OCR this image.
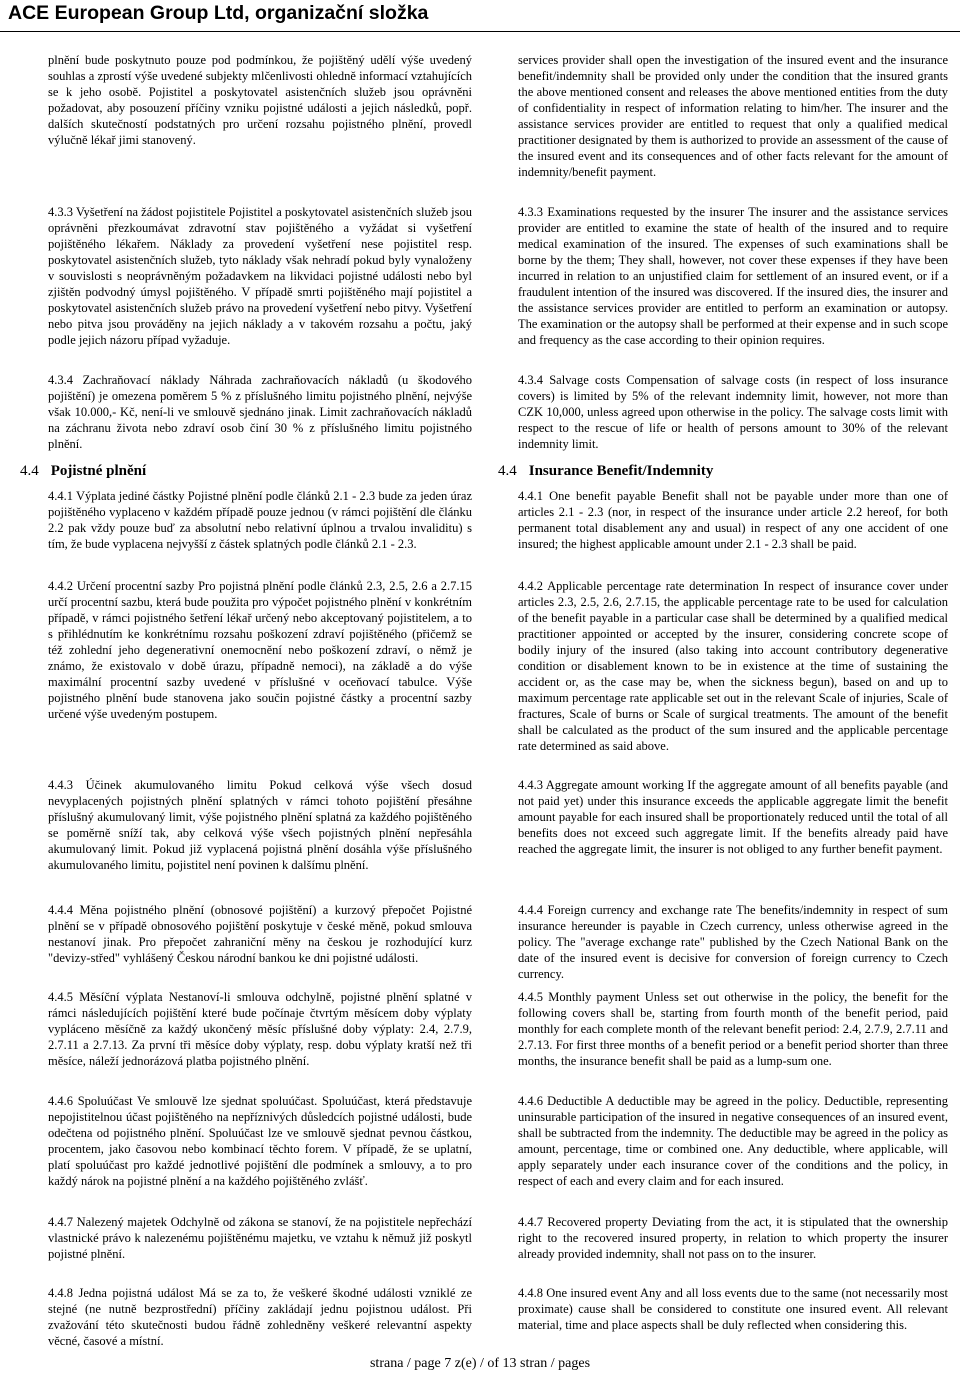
ACE European Group Ltd, organizační složka

plnění bude poskytnuto pouze pod podmínkou, že pojištěný udělí výše uvedený souhlas a zprostí výše uvedené subjekty mlčenlivosti ohledně informací vztahujících se k jeho osobě. Pojistitel a poskytovatel asistenčních služeb jsou oprávněni požadovat, aby posouzení příčiny vzniku pojistné události a jejich následků, popř. dalších skutečností podstatných pro určení rozsahu pojistného plnění, provedl výlučně lékař jimi stanovený.

4.3.3 Vyšetření na žádost pojistitele Pojistitel a poskytovatel asistenčních služeb jsou oprávněni přezkoumávat zdravotní stav pojištěného a vyžádat si vyšetření pojištěného lékařem. Náklady za provedení vyšetření nese pojistitel resp. poskytovatel asistenčních služeb, tyto náklady však nehradí pokud byly vynaloženy v souvislosti s neoprávněným požadavkem na likvidaci pojistné události nebo byl zjištěn podvodný úmysl pojištěného. V případě smrti pojištěného mají pojistitel a poskytovatel asistenčních služeb právo na provedení vyšetření nebo pitvy. Vyšetření nebo pitva jsou prováděny na jejich náklady a v takovém rozsahu a počtu, jaký podle jejich názoru případ vyžaduje.

4.3.4 Zachraňovací náklady Náhrada zachraňovacích nákladů (u škodového pojištění) je omezena poměrem 5 % z příslušného limitu pojistného plnění, nejvýše však 10.000,- Kč, není-li ve smlouvě sjednáno jinak. Limit zachraňovacích nákladů na záchranu života nebo zdraví osob činí 30 % z příslušného limitu pojistného plnění.

4.4 Pojistné plnění

4.4.1 Výplata jediné částky Pojistné plnění podle článků 2.1 - 2.3 bude za jeden úraz pojištěného vyplaceno v každém případě pouze jednou (v rámci pojištění dle článku 2.2 pak vždy pouze buď za absolutní nebo relativní úplnou a trvalou invaliditu) s tím, že bude vyplacena nejvyšší z částek splatných podle článků 2.1 - 2.3.

4.4.2 Určení procentní sazby Pro pojistná plnění podle článků 2.3, 2.5, 2.6 a 2.7.15 určí procentní sazbu, která bude použita pro výpočet pojistného plnění v konkrétním případě, v rámci pojistného šetření lékař určený nebo akceptovaný pojistitelem, a to s přihlédnutím ke konkrétnímu rozsahu poškození zdraví pojištěného (přičemž se též zohlední jeho degenerativní onemocnění nebo poškození zdraví, o němž je známo, že existovalo v době úrazu, případně nemoci), na základě a do výše maximální procentní sazby uvedené v příslušné v oceňovací tabulce. Výše pojistného plnění bude stanovena jako součin pojistné částky a procentní sazby určené výše uvedeným postupem.

4.4.3 Účinek akumulovaného limitu Pokud celková výše všech dosud nevyplacených pojistných plnění splatných v rámci tohoto pojištění přesáhne příslušný akumulovaný limit, výše pojistného plnění splatná za každého pojištěného se poměrně sníží tak, aby celková výše všech pojistných plnění nepřesáhla akumulovaný limit. Pokud již vyplacená pojistná plnění dosáhla výše příslušného akumulovaného limitu, pojistitel není povinen k dalšímu plnění.

4.4.4 Měna pojistného plnění (obnosové pojištění) a kurzový přepočet Pojistné plnění se v případě obnosového pojištění poskytuje v české měně, pokud smlouva nestanoví jinak. Pro přepočet zahraniční měny na českou je rozhodující kurz "devizy-střed" vyhlášený Českou národní bankou ke dni pojistné události.

4.4.5 Měsíční výplata Nestanoví-li smlouva odchylně, pojistné plnění splatné v rámci následujících pojištění které bude počínaje čtvrtým měsícem doby výplaty vypláceno měsíčně za každý ukončený měsíc příslušné doby výplaty: 2.4, 2.7.9, 2.7.11 a 2.7.13. Za první tři měsíce doby výplaty, resp. dobu výplaty kratší než tři měsíce, náleží jednorázová platba pojistného plnění.

4.4.6 Spoluúčast Ve smlouvě lze sjednat spoluúčast. Spoluúčast, která představuje nepojistitelnou účast pojištěného na nepříznivých důsledcích pojistné události, bude odečtena od pojistného plnění. Spoluúčast lze ve smlouvě sjednat pevnou částkou, procentem, jako časovou nebo kombinací těchto forem. V případě, že se uplatní, platí spoluúčast pro každé jednotlivé pojištění dle podmínek a smlouvy, a to pro každý nárok na pojistné plnění a na každého pojištěného zvlášť.

4.4.7 Nalezený majetek Odchylně od zákona se stanoví, že na pojistitele nepřechází vlastnické právo k nalezenému pojištěnému majetku, ve vztahu k němuž již poskytl pojistné plnění.

4.4.8 Jedna pojistná událost Má se za to, že veškeré škodné události vzniklé ze stejné (ne nutně bezprostřední) příčiny zakládají jednu pojistnou událost. Při zvažování této skutečnosti budou řádně zohledněny veškeré relevantní aspekty věcné, časové a místní.

services provider shall open the investigation of the insured event and the insurance benefit/indemnity shall be provided only under the condition that the insured grants the above mentioned consent and releases the above mentioned entities from the duty of confidentiality in respect of information relating to him/her. The insurer and the assistance services provider are entitled to request that only a qualified medical practitioner designated by them is authorized to provide an assessment of the cause of the insured event and its consequences and of other facts relevant for the amount of indemnity/benefit payment.

4.3.3 Examinations requested by the insurer The insurer and the assistance services provider are entitled to examine the state of health of the insured and to require medical examination of the insured. The expenses of such examinations shall be borne by the them; They shall, however, not cover these expenses if they have been incurred in relation to an unjustified claim for settlement of an insured event, or if a fraudulent intention of the insured was discovered. If the insured dies, the insurer and the assistance services provider are entitled to perform an examination or autopsy. The examination or the autopsy shall be performed at their expense and in such scope and frequency as the case according to their opinion requires.

4.3.4 Salvage costs Compensation of salvage costs (in respect of loss insurance covers) is limited by 5% of the relevant indemnity limit, however, not more than CZK 10,000, unless agreed upon otherwise in the policy. The salvage costs limit with respect to the rescue of life or health of persons amount to 30% of the relevant indemnity limit.

4.4 Insurance Benefit/Indemnity

4.4.1 One benefit payable Benefit shall not be payable under more than one of articles 2.1 - 2.3 (nor, in respect of the insurance under article 2.2 hereof, for both permanent total disablement any and usual) in respect of any one accident of one insured; the highest applicable amount under 2.1 - 2.3 shall be paid.

4.4.2 Applicable percentage rate determination In respect of insurance cover under articles 2.3, 2.5, 2.6, 2.7.15, the applicable percentage rate to be used for calculation of the benefit payable in a particular case shall be determined by a qualified medical practitioner appointed or accepted by the insurer, considering concrete scope of bodily injury of the insured (also taking into account contributory degenerative condition or disablement known to be in existence at the time of sustaining the accident or, as the case may be, when the sickness begun), based on and up to maximum percentage rate applicable set out in the relevant Scale of injuries, Scale of fractures, Scale of burns or Scale of surgical treatments. The amount of the benefit shall be calculated as the product of the sum insured and the applicable percentage rate determined as said above.

4.4.3 Aggregate amount working If the aggregate amount of all benefits payable (and not paid yet) under this insurance exceeds the applicable aggregate limit the benefit amount payable for each insured shall be proportionately reduced until the total of all benefits does not exceed such aggregate limit. If the benefits already paid have reached the aggregate limit, the insurer is not obliged to any further benefit payment.

4.4.4 Foreign currency and exchange rate The benefits/indemnity in respect of sum insurance hereunder is payable in Czech currency, unless otherwise agreed in the policy. The "average exchange rate" published by the Czech National Bank on the date of the insured event is decisive for conversion of foreign currency to Czech currency.

4.4.5 Monthly payment Unless set out otherwise in the policy, the benefit for the following covers shall be, starting from fourth month of the benefit period, paid monthly for each complete month of the relevant benefit period: 2.4, 2.7.9, 2.7.11 and 2.7.13. For first three months of a benefit period or a benefit period shorter than three months, the insurance benefit shall be paid as a lump-sum one.

4.4.6 Deductible A deductible may be agreed in the policy. Deductible, representing uninsurable participation of the insured in negative consequences of an insured event, shall be subtracted from the indemnity. The deductible may be agreed in the policy as amount, percentage, time or combined one. Any deductible, where applicable, will apply separately under each insurance cover of the conditions and the policy, in respect of each and every claim and for each insured.

4.4.7 Recovered property Deviating from the act, it is stipulated that the ownership right to the recovered insured property, in relation to which property the insurer already provided indemnity, shall not pass on to the insurer.

4.4.8 One insured event Any and all loss events due to the same (not necessarily most proximate) cause shall be considered to constitute one insured event. All relevant material, time and place aspects shall be duly reflected when considering this.

strana / page 7 z(e) / of 13 stran / pages
